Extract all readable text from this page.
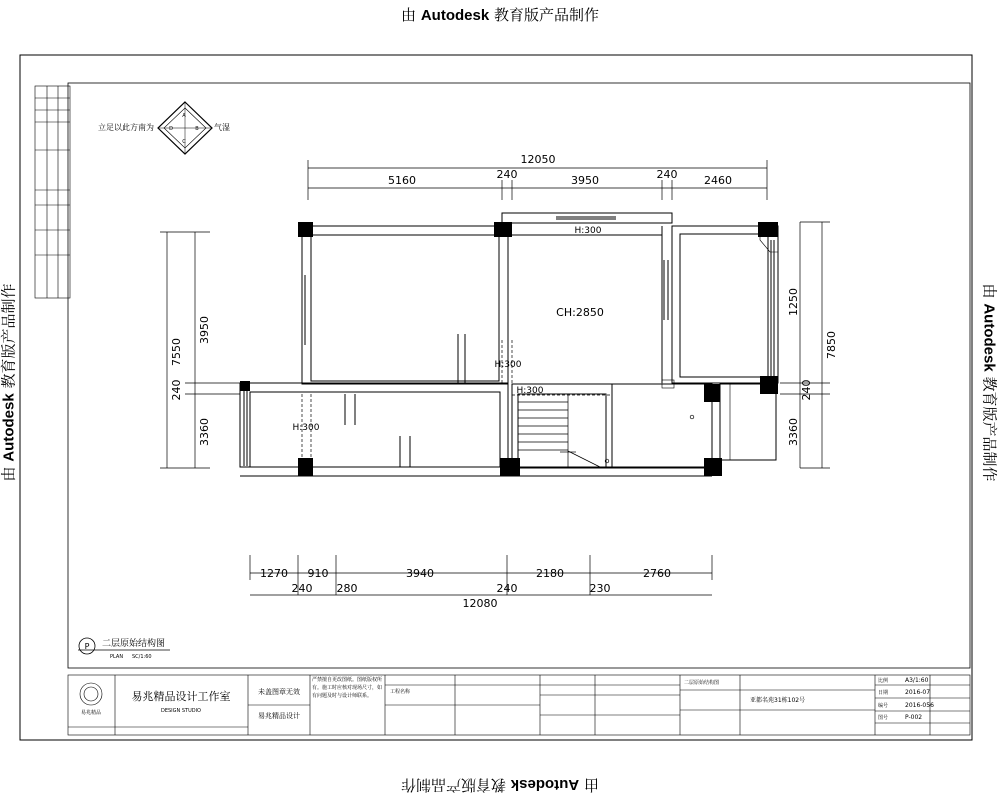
由 Autodesk 教育版产品制作
由 Autodesk 教育版产品制作
由 Autodesk 教育版产品制作	由 Autodesk 教育版产品制作
A
B
C
D
立足以此方南为	气湿
12050
5160	240	3950	240 2460
1270 910	3940	2180	2760
240 280	240	230
12080
7550
3950
240
3360
7850
1250
240
3360
CH:2850
H:300
H:300
H:300
H:300
P 二层原始结构图
PLAN SC/1:60
易兆精品
易兆精品设计工作室
DESIGN STUDIO
未盖图章无效
易兆精品设计
严禁擅自更改图纸。图纸版权所有。施工时应核对现场尺寸，如有问题及时与设计师联系。
工程名称
二层原始结构图
亚都名苑31栋102号
比例	A3/1:60
日期	2016-07
编号	2016-056
图号	P-002
